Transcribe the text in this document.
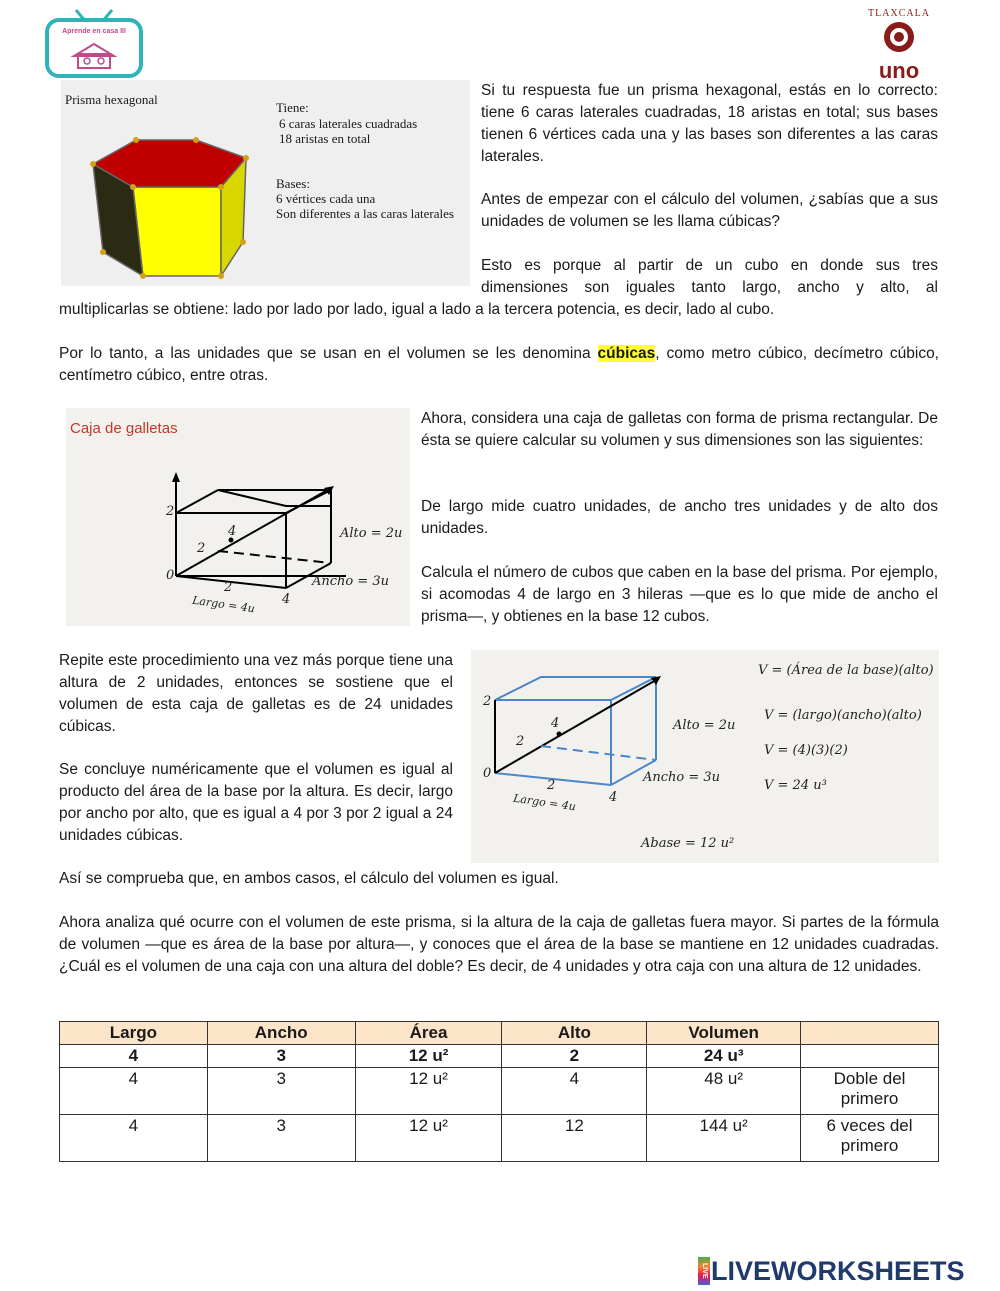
Aprende en casa III
TLAXCALA
uno
Prisma hexagonal
Tiene:
6 caras laterales cuadradas
18 aristas en total
Bases:
6 vértices cada una
Son diferentes a las caras laterales

Si tu respuesta fue un prisma hexagonal, estás en lo correcto: tiene 6 caras laterales cuadradas, 18 aristas en total; sus bases tienen 6 vértices cada una y las bases son diferentes a las caras laterales.

Antes de empezar con el cálculo del volumen, ¿sabías que a sus unidades de volumen se les llama cúbicas?

Esto es porque al partir de un cubo en donde sus tres dimensiones son iguales tanto largo, ancho y alto, al

multiplicarlas se obtiene: lado por lado por lado, igual a lado a la tercera potencia, es decir, lado al cubo.

Por lo tanto, a las unidades que se usan en el volumen se les denomina cúbicas, como metro cúbico, decímetro cúbico, centímetro cúbico, entre otras.

Caja de galletas
2
4
2
0
2
4
Alto = 2u
Ancho = 3u
Largo = 4u

Ahora, considera una caja de galletas con forma de prisma rectangular. De ésta se quiere calcular su volumen y sus dimensiones son las siguientes:

De largo mide cuatro unidades, de ancho tres unidades y de alto dos unidades.

Calcula el número de cubos que caben en la base del prisma. Por ejemplo, si acomodas 4 de largo en 3 hileras —que es lo que mide de ancho el prisma—, y obtienes en la base 12 cubos.

Repite este procedimiento una vez más porque tiene una altura de 2 unidades, entonces se sostiene que el volumen de esta caja de galletas es de 24 unidades cúbicas.

Se concluye numéricamente que el volumen es igual al producto del área de la base por la altura. Es decir, largo por ancho por alto, que es igual a 4 por 3 por 2 igual a 24 unidades cúbicas.

2
4
2
0
2
4
Alto = 2u
Ancho = 3u
Largo = 4u
V = (Área de la base)(alto)
V = (largo)(ancho)(alto)
V = (4)(3)(2)
V = 24 u³
Abase = 12 u²

Así se comprueba que, en ambos casos, el cálculo del volumen es igual.

Ahora analiza qué ocurre con el volumen de este prisma, si la altura de la caja de galletas fuera mayor. Si partes de la fórmula de volumen —que es área de la base por altura—, y conoces que el área de la base se mantiene en 12 unidades cuadradas. ¿Cuál es el volumen de una caja con una altura del doble? Es decir, de 4 unidades y otra caja con una altura de 12 unidades.

Largo	Ancho	Área	Alto	Volumen	
4	3	12 u²	2	24 u³	
4	3	12 u²	4	48 u²	Doble del primero
4	3	12 u²	12	144 u²	6 veces del primero
LIVE LIVEWORKSHEETS
